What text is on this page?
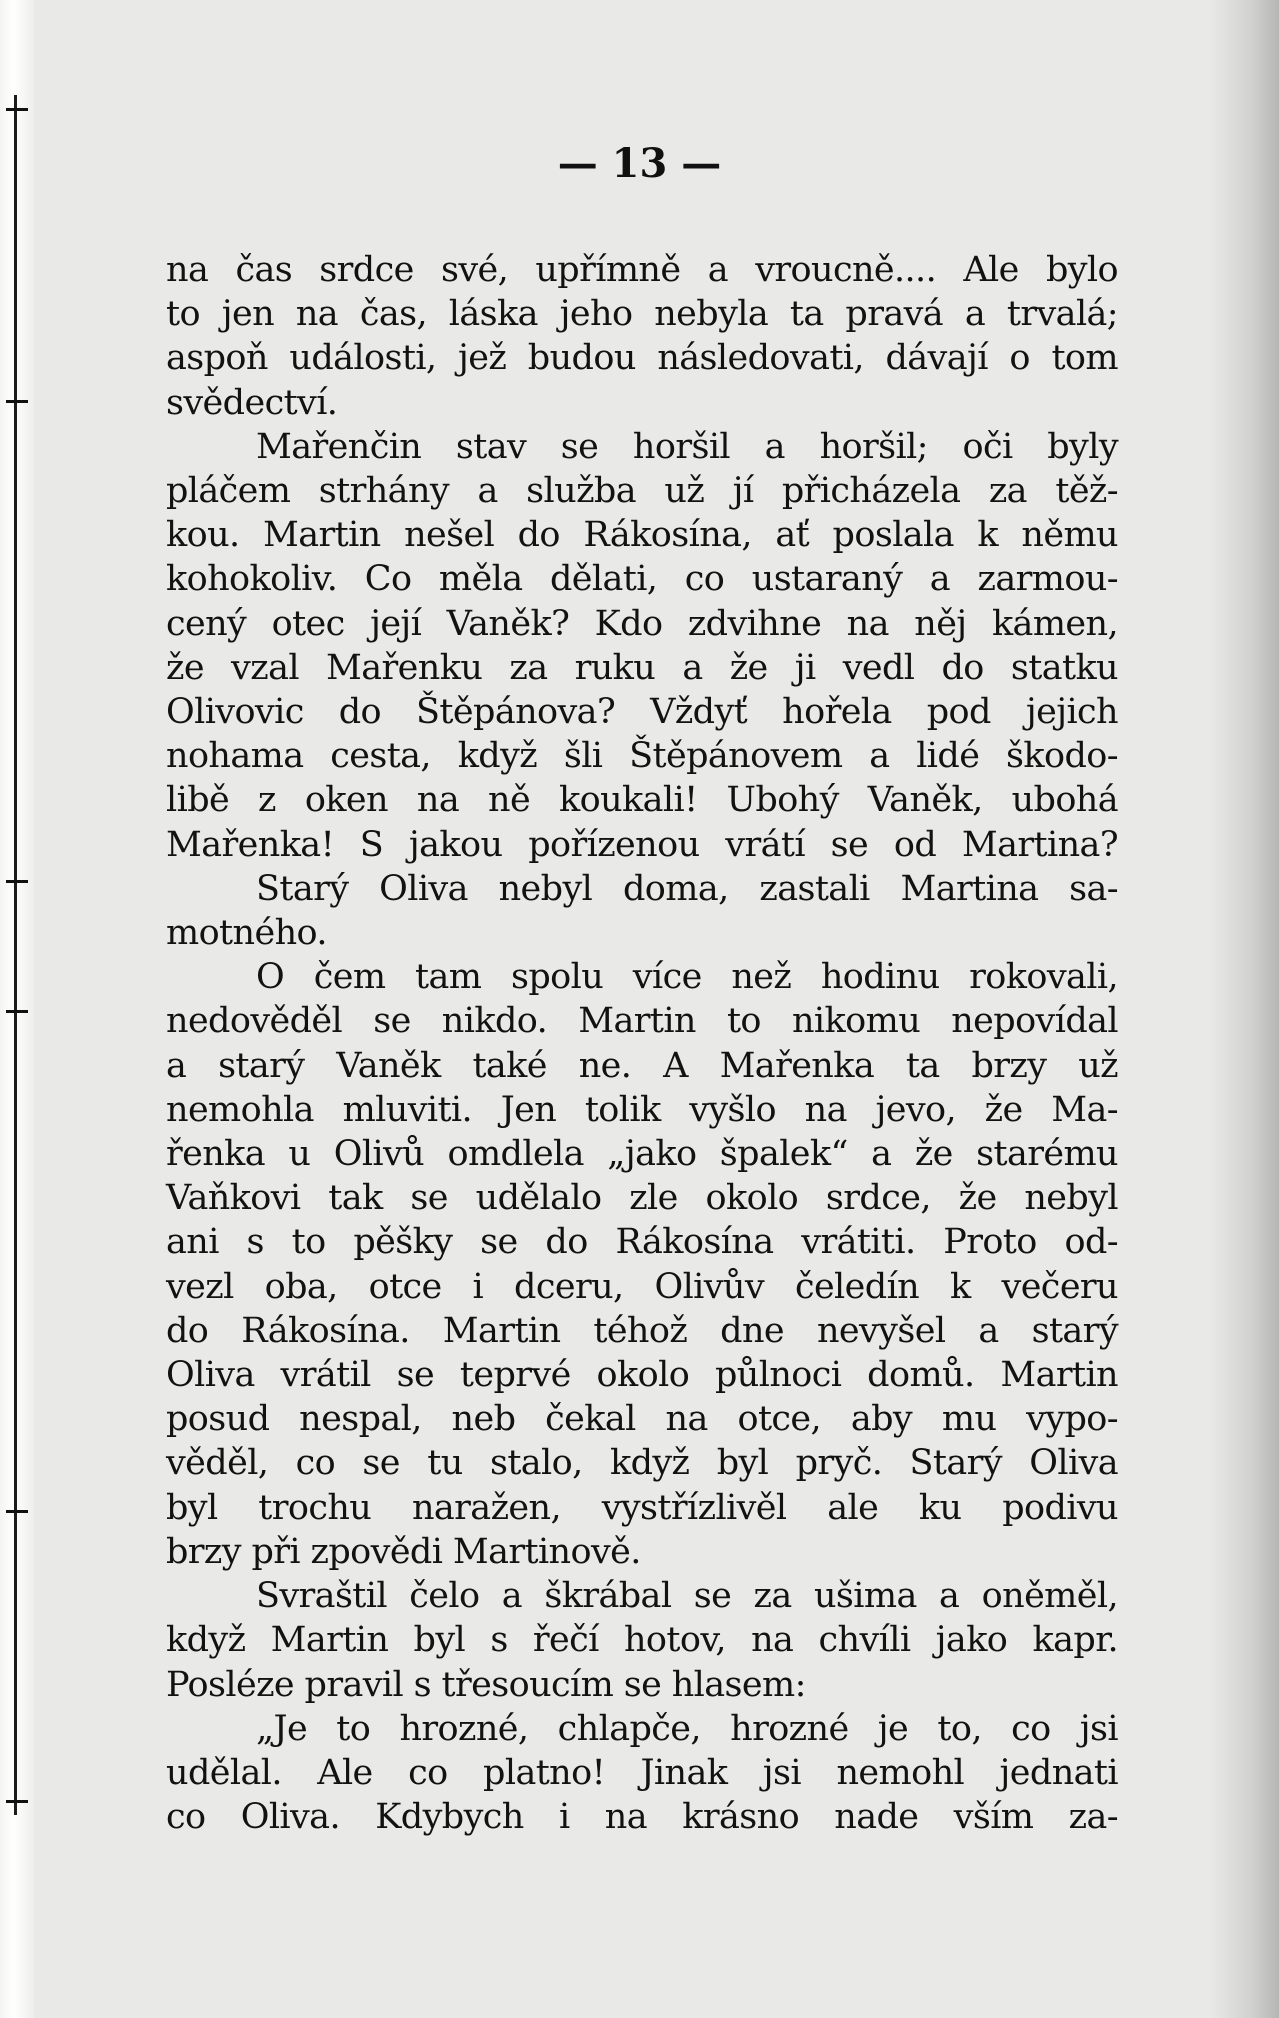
— 13 —
na čas srdce své, upřímně a vroucně.... Ale bylo
to jen na čas, láska jeho nebyla ta pravá a trvalá;
aspoň události, jež budou následovati, dávají o tom
svědectví.
Mařenčin stav se horšil a horšil; oči byly
pláčem strhány a služba už jí přicházela za těž-
kou. Martin nešel do Rákosína, ať poslala k němu
kohokoliv. Co měla dělati, co ustaraný a zarmou-
cený otec její Vaněk? Kdo zdvihne na něj kámen,
že vzal Mařenku za ruku a že ji vedl do statku
Olivovic do Štěpánova? Vždyť hořela pod jejich
nohama cesta, když šli Štěpánovem a lidé škodo-
libě z oken na ně koukali! Ubohý Vaněk, ubohá
Mařenka! S jakou pořízenou vrátí se od Martina?
Starý Oliva nebyl doma, zastali Martina sa-
motného.
O čem tam spolu více než hodinu rokovali,
nedověděl se nikdo. Martin to nikomu nepovídal
a starý Vaněk také ne. A Mařenka ta brzy už
nemohla mluviti. Jen tolik vyšlo na jevo, že Ma-
řenka u Olivů omdlela „jako špalek“ a že starému
Vaňkovi tak se udělalo zle okolo srdce, že nebyl
ani s to pěšky se do Rákosína vrátiti. Proto od-
vezl oba, otce i dceru, Olivův čeledín k večeru
do Rákosína. Martin téhož dne nevyšel a starý
Oliva vrátil se teprvé okolo půlnoci domů. Martin
posud nespal, neb čekal na otce, aby mu vypo-
věděl, co se tu stalo, když byl pryč. Starý Oliva
byl trochu naražen, vystřízlivěl ale ku podivu
brzy při zpovědi Martinově.
Svraštil čelo a škrábal se za ušima a oněměl,
když Martin byl s řečí hotov, na chvíli jako kapr.
Posléze pravil s třesoucím se hlasem:
„Je to hrozné, chlapče, hrozné je to, co jsi
udělal. Ale co platno! Jinak jsi nemohl jednati
co Oliva. Kdybych i na krásno nade vším za-
